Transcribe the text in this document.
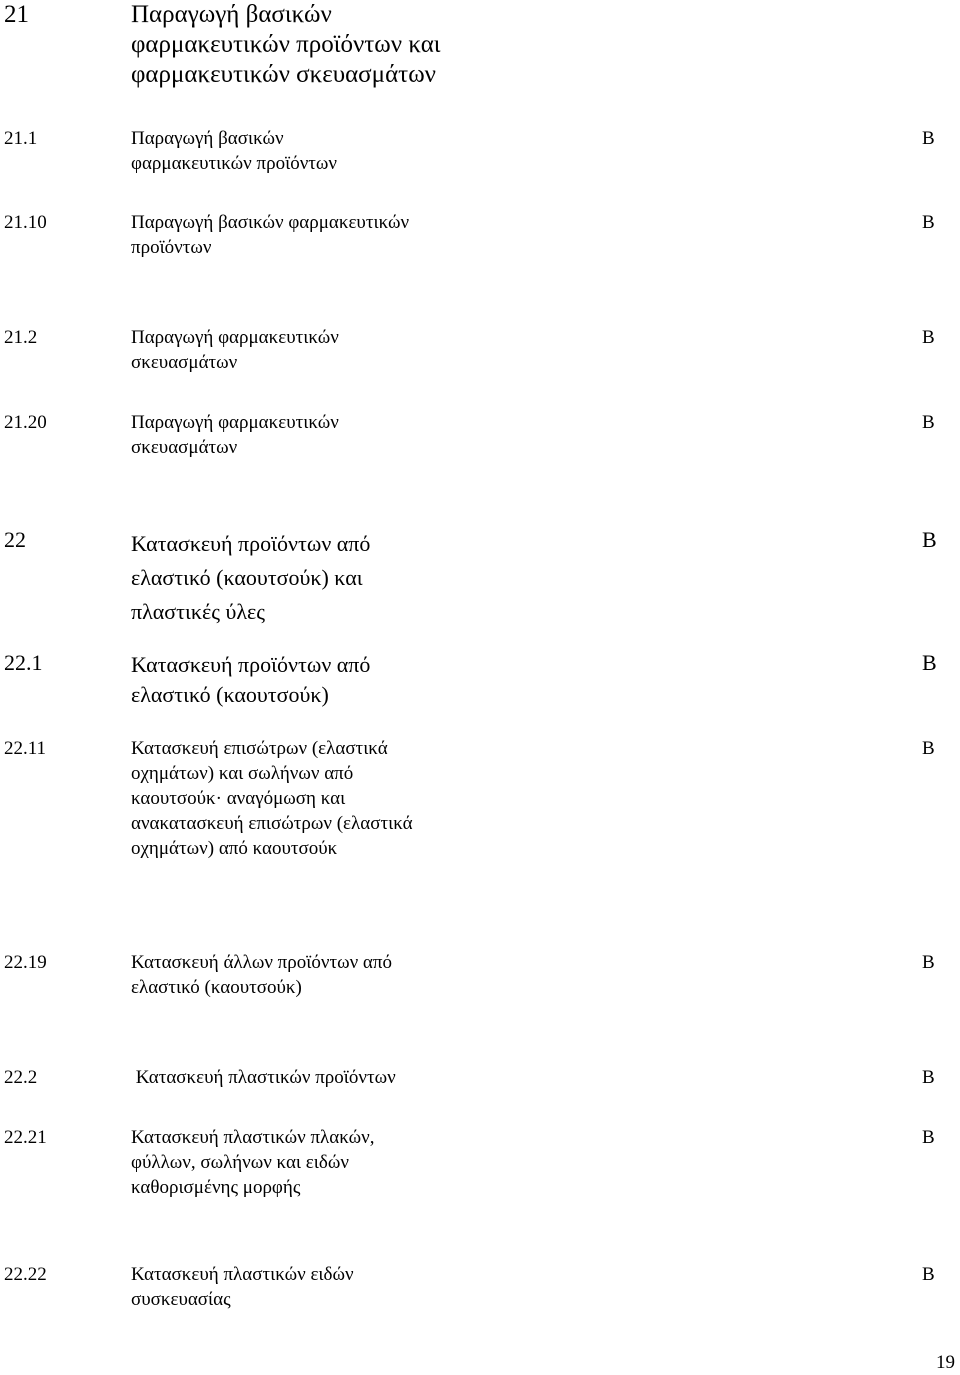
21	Παραγωγή βασικών
φαρμακευτικών προϊόντων και
φαρμακευτικών σκευασμάτων
21.1	Παραγωγή βασικών
φαρμακευτικών προϊόντων
B
21.10	Παραγωγή βασικών φαρμακευτικών
προϊόντων
B
21.2	Παραγωγή φαρμακευτικών
σκευασμάτων
B
21.20	Παραγωγή φαρμακευτικών
σκευασμάτων
B
22	Κατασκευή προϊόντων από
ελαστικό (καουτσούκ) και
πλαστικές ύλες
B
22.1	Κατασκευή προϊόντων από
ελαστικό (καουτσούκ)
B
22.11	Κατασκευή επισώτρων (ελαστικά
οχημάτων) και σωλήνων από
καουτσούκ· αναγόμωση και
ανακατασκευή επισώτρων (ελαστικά
οχημάτων) από καουτσούκ
B
22.19	Κατασκευή άλλων προϊόντων από
ελαστικό (καουτσούκ)
B
22.2	Κατασκευή πλαστικών προϊόντων	B
22.21	Κατασκευή πλαστικών πλακών,
φύλλων, σωλήνων και ειδών
καθορισμένης μορφής
B
22.22	Κατασκευή πλαστικών ειδών
συσκευασίας
B
19
